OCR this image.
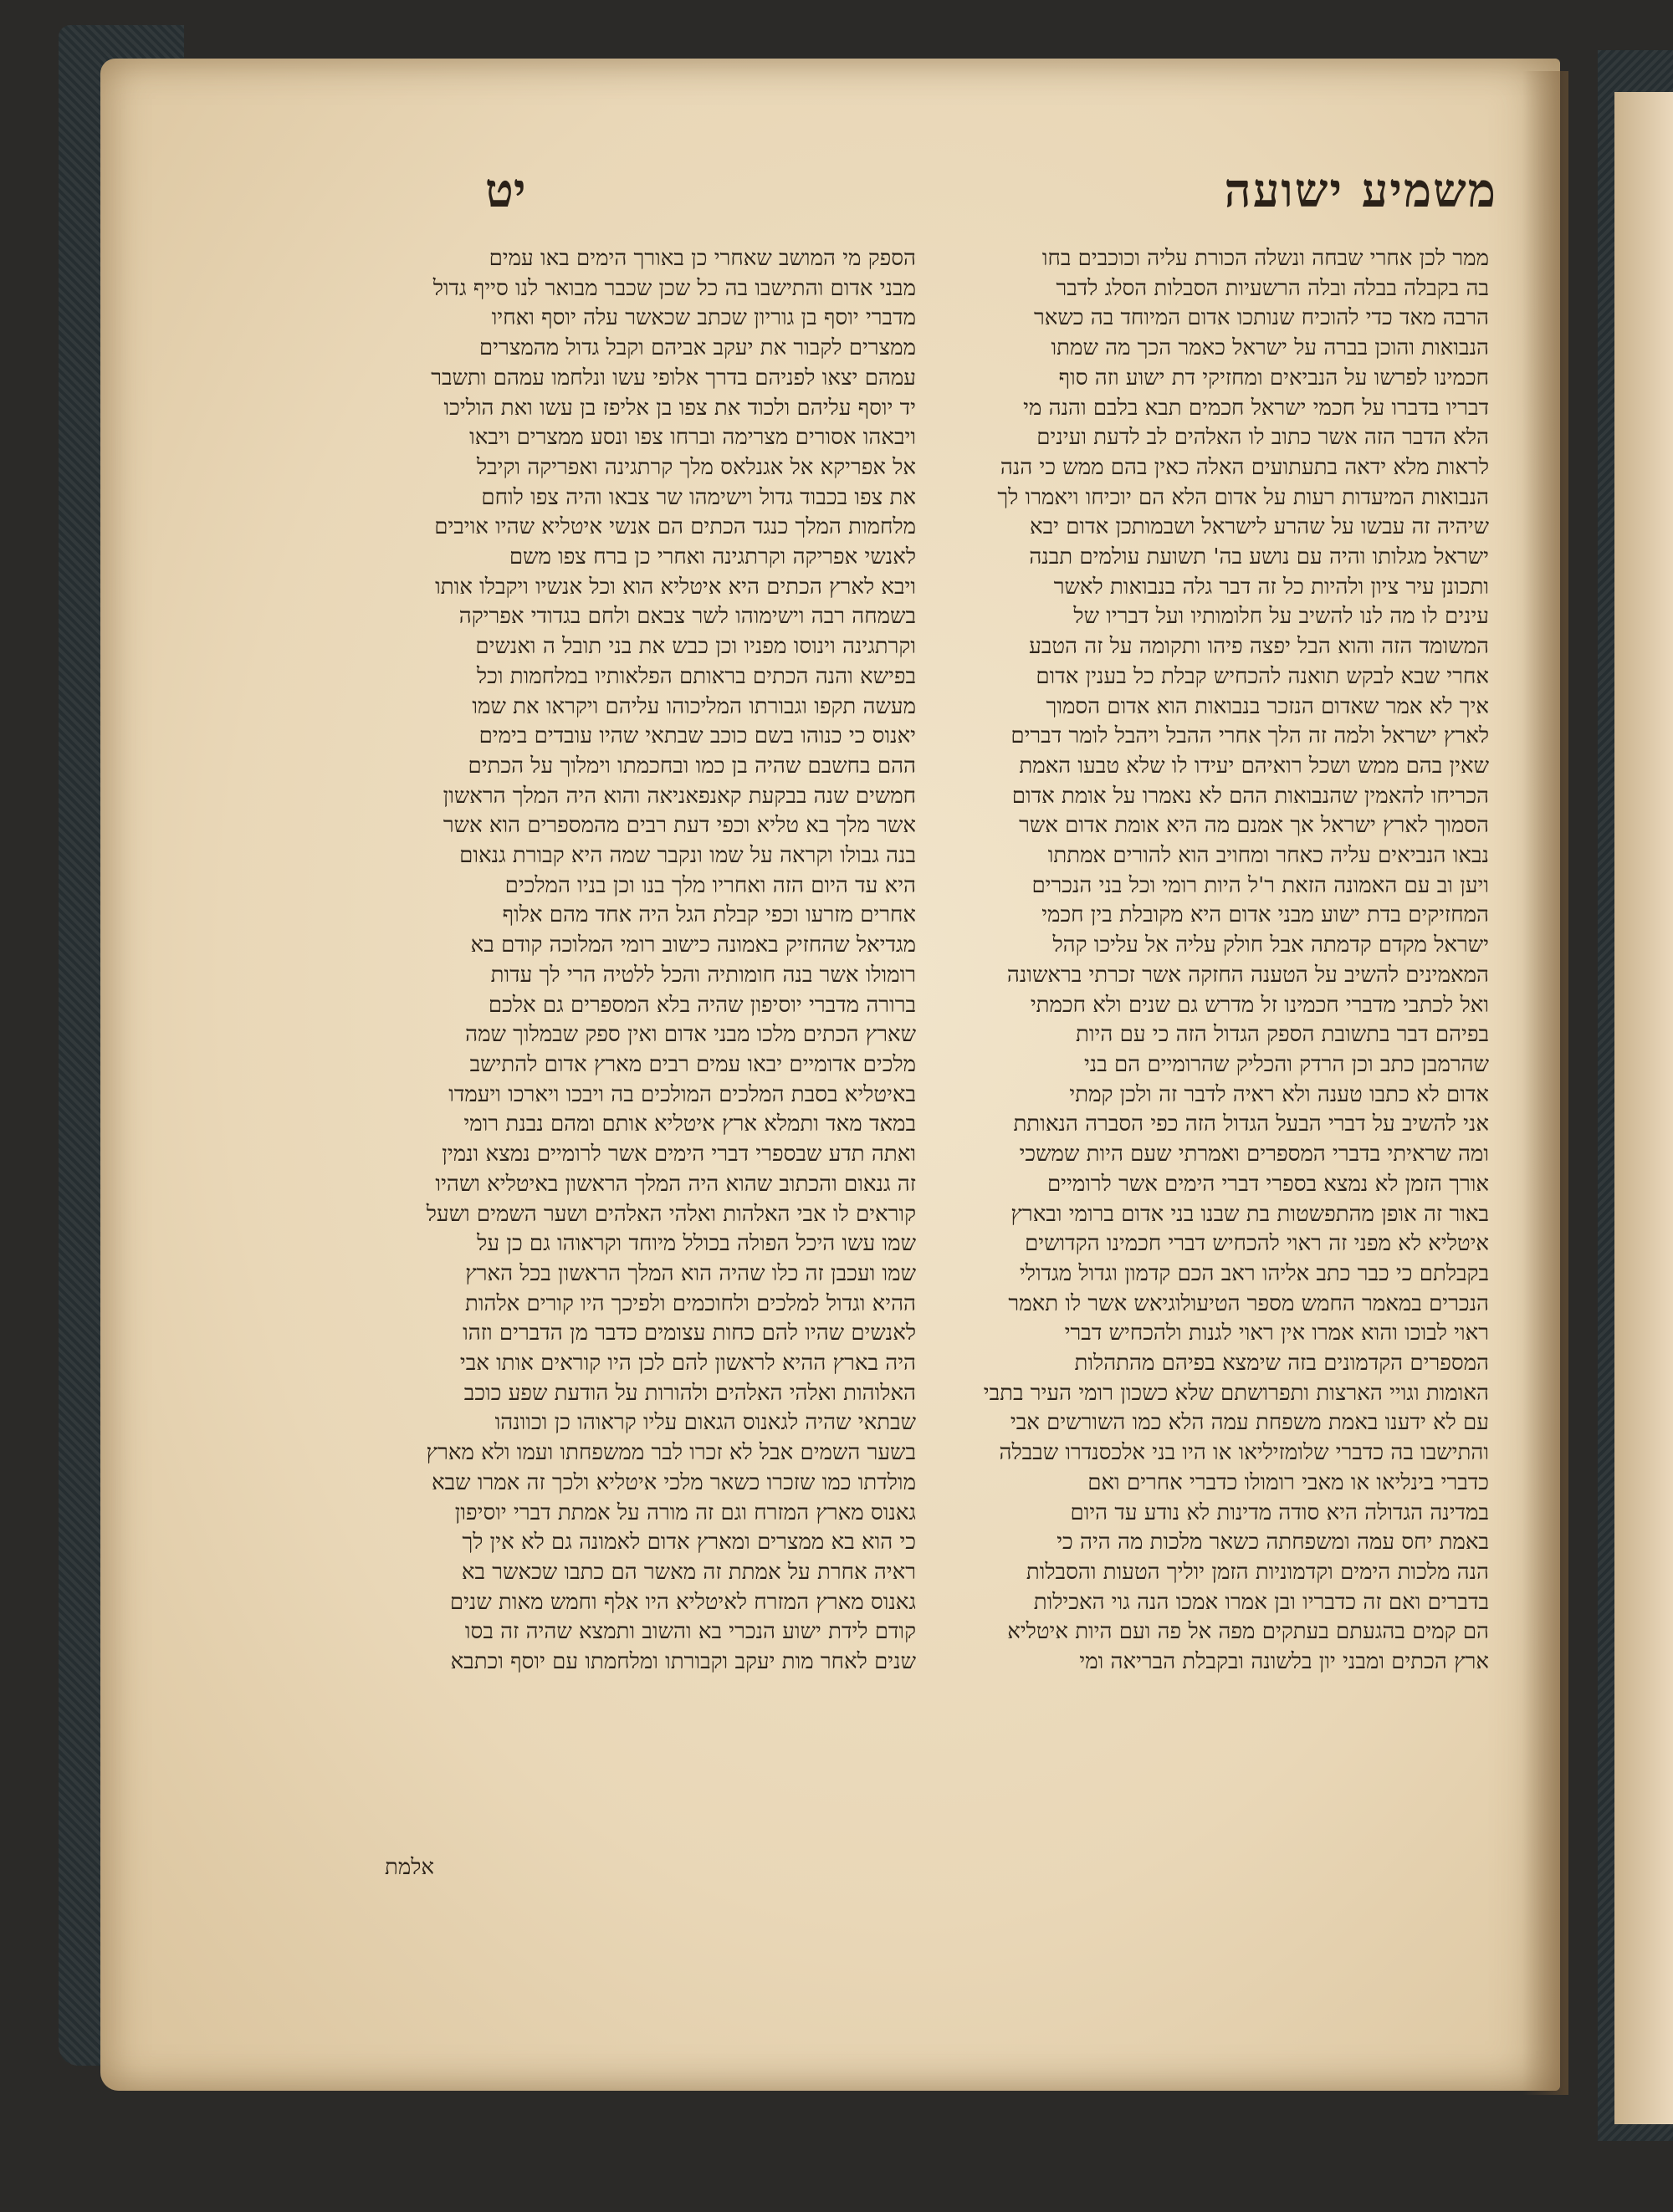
משמיע ישועה
יט

ממר לכן אחרי שבחה ונשלה הכורת עליה וכוכבים בחו

בה בקבלה בבלה ובלה הרשעיות הסבלות הסלג לדבר

הרבה מאד כדי להוכיח שנותכו אדום המיוחד בה כשאר

הנבואות והוכן בברה על ישראל כאמר הכך מה שמתו

חכמינו לפרשו על הנביאים ומחזיקי דת ישוע וזה סוף

דבריו בדברו על חכמי ישראל חכמים תבא בלבם והנה מי

הלא הדבר הזה אשר כתוב לו האלהים לב לדעת ועינים

לראות מלא ידאה בתעתועים האלה כאין בהם ממש כי הנה

הנבואות המיעדות רעות על אדום הלא הם יוכיחו ויאמרו לך

שיהיה זה עבשו על שהרע לישראל ושבמותכן אדום יבא

ישראל מגלותו והיה עם נושע בה' תשועת עולמים תבנה

ותכונן עיר ציון ולהיות כל זה דבר גלה בנבואות לאשר

עינים לו מה לנו להשיב על חלומותיו ועל דבריו של

המשומד הזה והוא הבל יפצה פיהו ותקומה על זה הטבע

אחרי שבא לבקש תואנה להכחיש קבלת כל בענין אדום

איך לא אמר שאדום הנזכר בנבואות הוא אדום הסמוך

לארץ ישראל ולמה זה הלך אחרי ההבל ויהבל לומר דברים

שאין בהם ממש ושכל רואיהם יעידו לו שלא טבעו האמת

הכריחו להאמין שהנבואות ההם לא נאמרו על אומת אדום

הסמוך לארץ ישראל אך אמנם מה היא אומת אדום אשר

נבאו הנביאים עליה כאחר ומחויב הוא להורים אמתתו

ויען וב עם האמונה הזאת ר'ל היות רומי וכל בני הנכרים

המחזיקים בדת ישוע מבני אדום היא מקובלת בין חכמי

ישראל מקדם קדמתה אבל חולק עליה אל עליכו קהל

המאמינים להשיב על הטענה החזקה אשר זכרתי בראשונה

ואל לכתבי מדברי חכמינו זל מדרש גם שנים ולא חכמתי

בפיהם דבר בתשובת הספק הגדול הזה כי עם היות

שהרמבן כתב וכן הרדק והכליק שהרומיים הם בני

אדום לא כתבו טענה ולא ראיה לדבר זה ולכן קמתי

אני להשיב על דברי הבעל הגדול הזה כפי הסברה הנאותת

ומה שראיתי בדברי המספרים ואמרתי שעם היות שמשכי

אורך הזמן לא נמצא בספרי דברי הימים אשר לרומיים

באור זה אופן מהתפשטות בת שבנו בני אדום ברומי ובארץ

איטליא לא מפני זה ראוי להכחיש דברי חכמינו הקדושים

בקבלתם כי כבר כתב אליהו ראב הכם קדמון וגדול מגדולי

הנכרים במאמר החמש מספר הטיעולוגיאש אשר לו תאמר

ראוי לבוכו והוא אמרו אין ראוי לגנות ולהכחיש דברי

המספרים הקדמונים בזה שימצא בפיהם מהתהלות

האומות וגויי הארצות ותפרושתם שלא כשכון רומי העיר בתבי

עם לא ידענו באמת משפחת עמה הלא כמו השורשים אבי

והתישבו בה כדברי שלומזיליאו או היו בני אלכסנדרו שבבלה

כדברי בינליאו או מאבי רומולו כדברי אחרים ואם

במדינה הגדולה היא סודה מדינות לא נודע עד היום

באמת יחס עמה ומשפחתה כשאר מלכות מה היה כי

הנה מלכות הימים וקדמוניות הזמן יוליך הטעות והסבלות

בדברים ואם זה כדבריו ובן אמרו אמכו הנה גוי האכילות

הם קמים בהגעתם בעתקים מפה אל פה ועם היות איטליא

ארץ הכתים ומבני יון בלשונה ובקבלת הבריאה ומי

הספק מי המושב שאחרי כן באורך הימים באו עמים

מבני אדום והתישבו בה כל שכן שכבר מבואר לנו סייף גדול

מדברי יוסף בן גוריון שכתב שכאשר עלה יוסף ואחיו

ממצרים לקבור את יעקב אביהם וקבל גדול מהמצרים

עמהם יצאו לפניהם בדרך אלופי עשו ונלחמו עמהם ותשבר

יד יוסף עליהם ולכוד את צפו בן אליפז בן עשו ואת הוליכו

ויבאהו אסורים מצרימה וברחו צפו ונסע ממצרים ויבאו

אל אפריקא אל אגנלאס מלך קרתגינה ואפריקה וקיבל

את צפו בכבוד גדול וישימהו שר צבאו והיה צפו לוחם

מלחמות המלך כנגד הכתים הם אנשי איטליא שהיו אויבים

לאנשי אפריקה וקרתגינה ואחרי כן ברח צפו משם

ויבא לארץ הכתים היא איטליא הוא וכל אנשיו ויקבלו אותו

בשמחה רבה וישימוהו לשר צבאם ולחם בגדודי אפריקה

וקרתגינה וינוסו מפניו וכן כבש את בני תובל ה ואנשים

בפישא והנה הכתים בראותם הפלאותיו במלחמות וכל

מעשה תקפו וגבורתו המליכוהו עליהם ויקראו את שמו

יאנוס כי כנוהו בשם כוכב שבתאי שהיו עובדים בימים

ההם בחשבם שהיה בן כמו ובחכמתו וימלוך על הכתים

חמשים שנה בבקעת קאנפאניאה והוא היה המלך הראשון

אשר מלך בא טליא וכפי דעת רבים מהמספרים הוא אשר

בנה גבולו וקראה על שמו ונקבר שמה היא קבורת גנאום

היא עד היום הזה ואחריו מלך בנו וכן בניו המלכים

אחרים מזרעו וכפי קבלת הגל היה אחד מהם אלוף

מגדיאל שהחזיק באמונה כישוב רומי המלוכה קודם בא

רומולו אשר בנה חומותיה והכל ללטיה הרי לך עדות

ברורה מדברי יוסיפון שהיה בלא המספרים גם אלכם

שארץ הכתים מלכו מבני אדום ואין ספק שבמלוך שמה

מלכים אדומיים יבאו עמים רבים מארץ אדום להתישב

באיטליא בסבת המלכים המולכים בה ויבכו ויארכו ויעמדו

במאד מאד ותמלא ארץ איטליא אותם ומהם נבנת רומי

ואתה תדע שבספרי דברי הימים אשר לרומיים נמצא ונמין

זה גנאום והכתוב שהוא היה המלך הראשון באיטליא ושהיו

קוראים לו אבי האלהות ואלהי האלהים ושער השמים ושעל

שמו עשו היכל הפולה בכולל מיוחד וקראוהו גם כן על

שמו ועכבן זה כלו שהיה הוא המלך הראשון בכל הארץ

ההיא וגדול למלכים ולחוכמים ולפיכך היו קורים אלהות

לאנשים שהיו להם כחות עצומים כדבר מן הדברים וזהו

היה בארץ ההיא לראשון להם לכן היו קוראים אותו אבי

האלוהות ואלהי האלהים ולהורות על הודעת שפע כוכב

שבתאי שהיה לגאנוס הגאום עליו קראוהו כן וכוונהו

בשער השמים אבל לא זכרו לבר ממשפחתו ועמו ולא מארץ

מולדתו כמו שזכרו כשאר מלכי איטליא ולכך זה אמרו שבא

גאנוס מארץ המזרח וגם זה מורה על אמתת דברי יוסיפון

כי הוא בא ממצרים ומארץ אדום לאמונה גם לא אין לך

ראיה אחרת על אמתת זה מאשר הם כתבו שכאשר בא

גאנוס מארץ המזרח לאיטליא היו אלף וחמש מאות שנים

קודם לידת ישוע הנכרי בא והשוב ותמצא שהיה זה בסו

שנים לאחר מות יעקב וקבורתו ומלחמתו עם יוסף וכתבא

אלמת
